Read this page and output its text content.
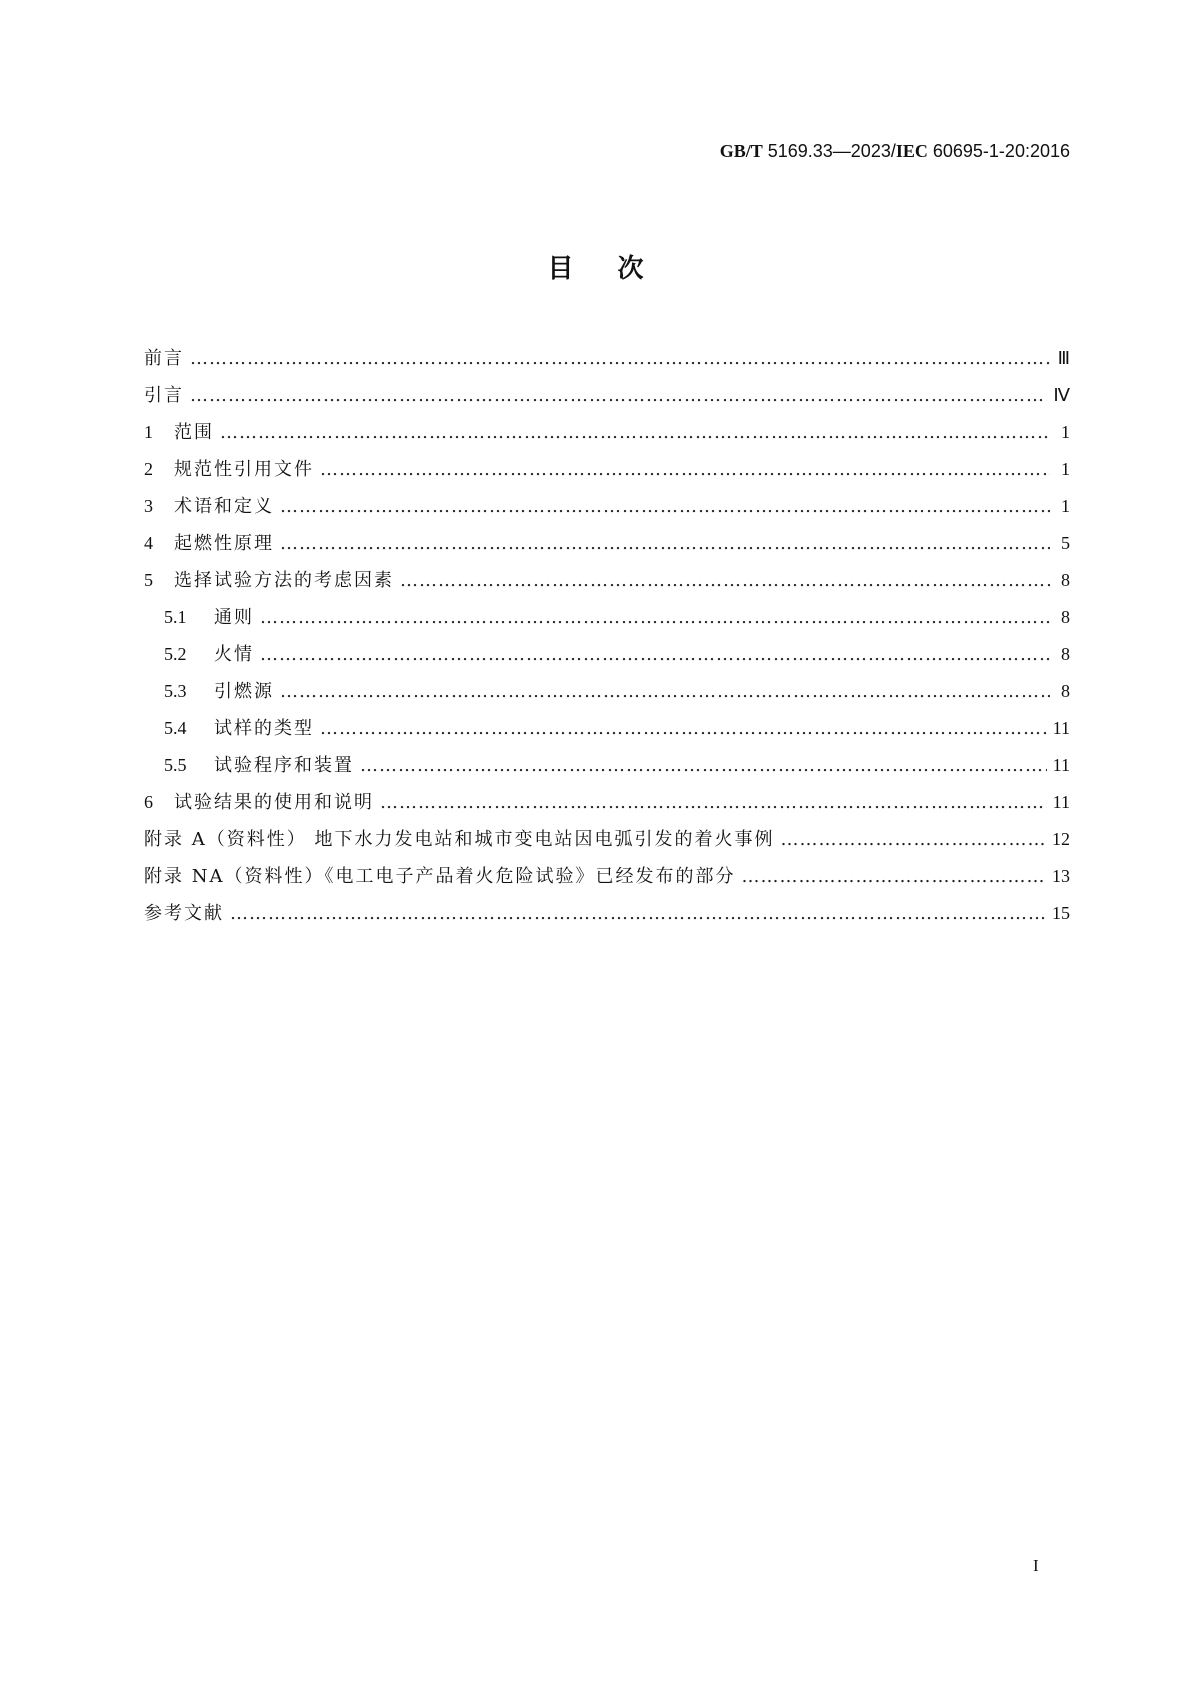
GB/T 5169.33—2023/IEC 60695-1-20:2016
目次
前言 …………………………………………………………………………………………………………………………………………………………………………………………………………	Ⅲ
引言 …………………………………………………………………………………………………………………………………………………………………………………………………………	Ⅳ
1	范围 …………………………………………………………………………………………………………………………………………………………………………………………………………	1
2	规范性引用文件 …………………………………………………………………………………………………………………………………………………………………………………………………………	1
3	术语和定义 …………………………………………………………………………………………………………………………………………………………………………………………………………	1
4	起燃性原理 …………………………………………………………………………………………………………………………………………………………………………………………………………	5
5	选择试验方法的考虑因素 …………………………………………………………………………………………………………………………………………………………………………………………………………	8
5.1	通则 …………………………………………………………………………………………………………………………………………………………………………………………………………	8
5.2	火情 …………………………………………………………………………………………………………………………………………………………………………………………………………	8
5.3	引燃源 …………………………………………………………………………………………………………………………………………………………………………………………………………	8
5.4	试样的类型 …………………………………………………………………………………………………………………………………………………………………………………………………………	11
5.5	试验程序和装置 …………………………………………………………………………………………………………………………………………………………………………………………………………	11
6	试验结果的使用和说明 …………………………………………………………………………………………………………………………………………………………………………………………………………	11
附录 A（资料性） 地下水力发电站和城市变电站因电弧引发的着火事例 …………………………………………………………………………………………………………………………………………………………………………………………………………	12
附录 NA（资料性）《电工电子产品着火危险试验》已经发布的部分 …………………………………………………………………………………………………………………………………………………………………………………………………………	13
参考文献 …………………………………………………………………………………………………………………………………………………………………………………………………………	15
I
